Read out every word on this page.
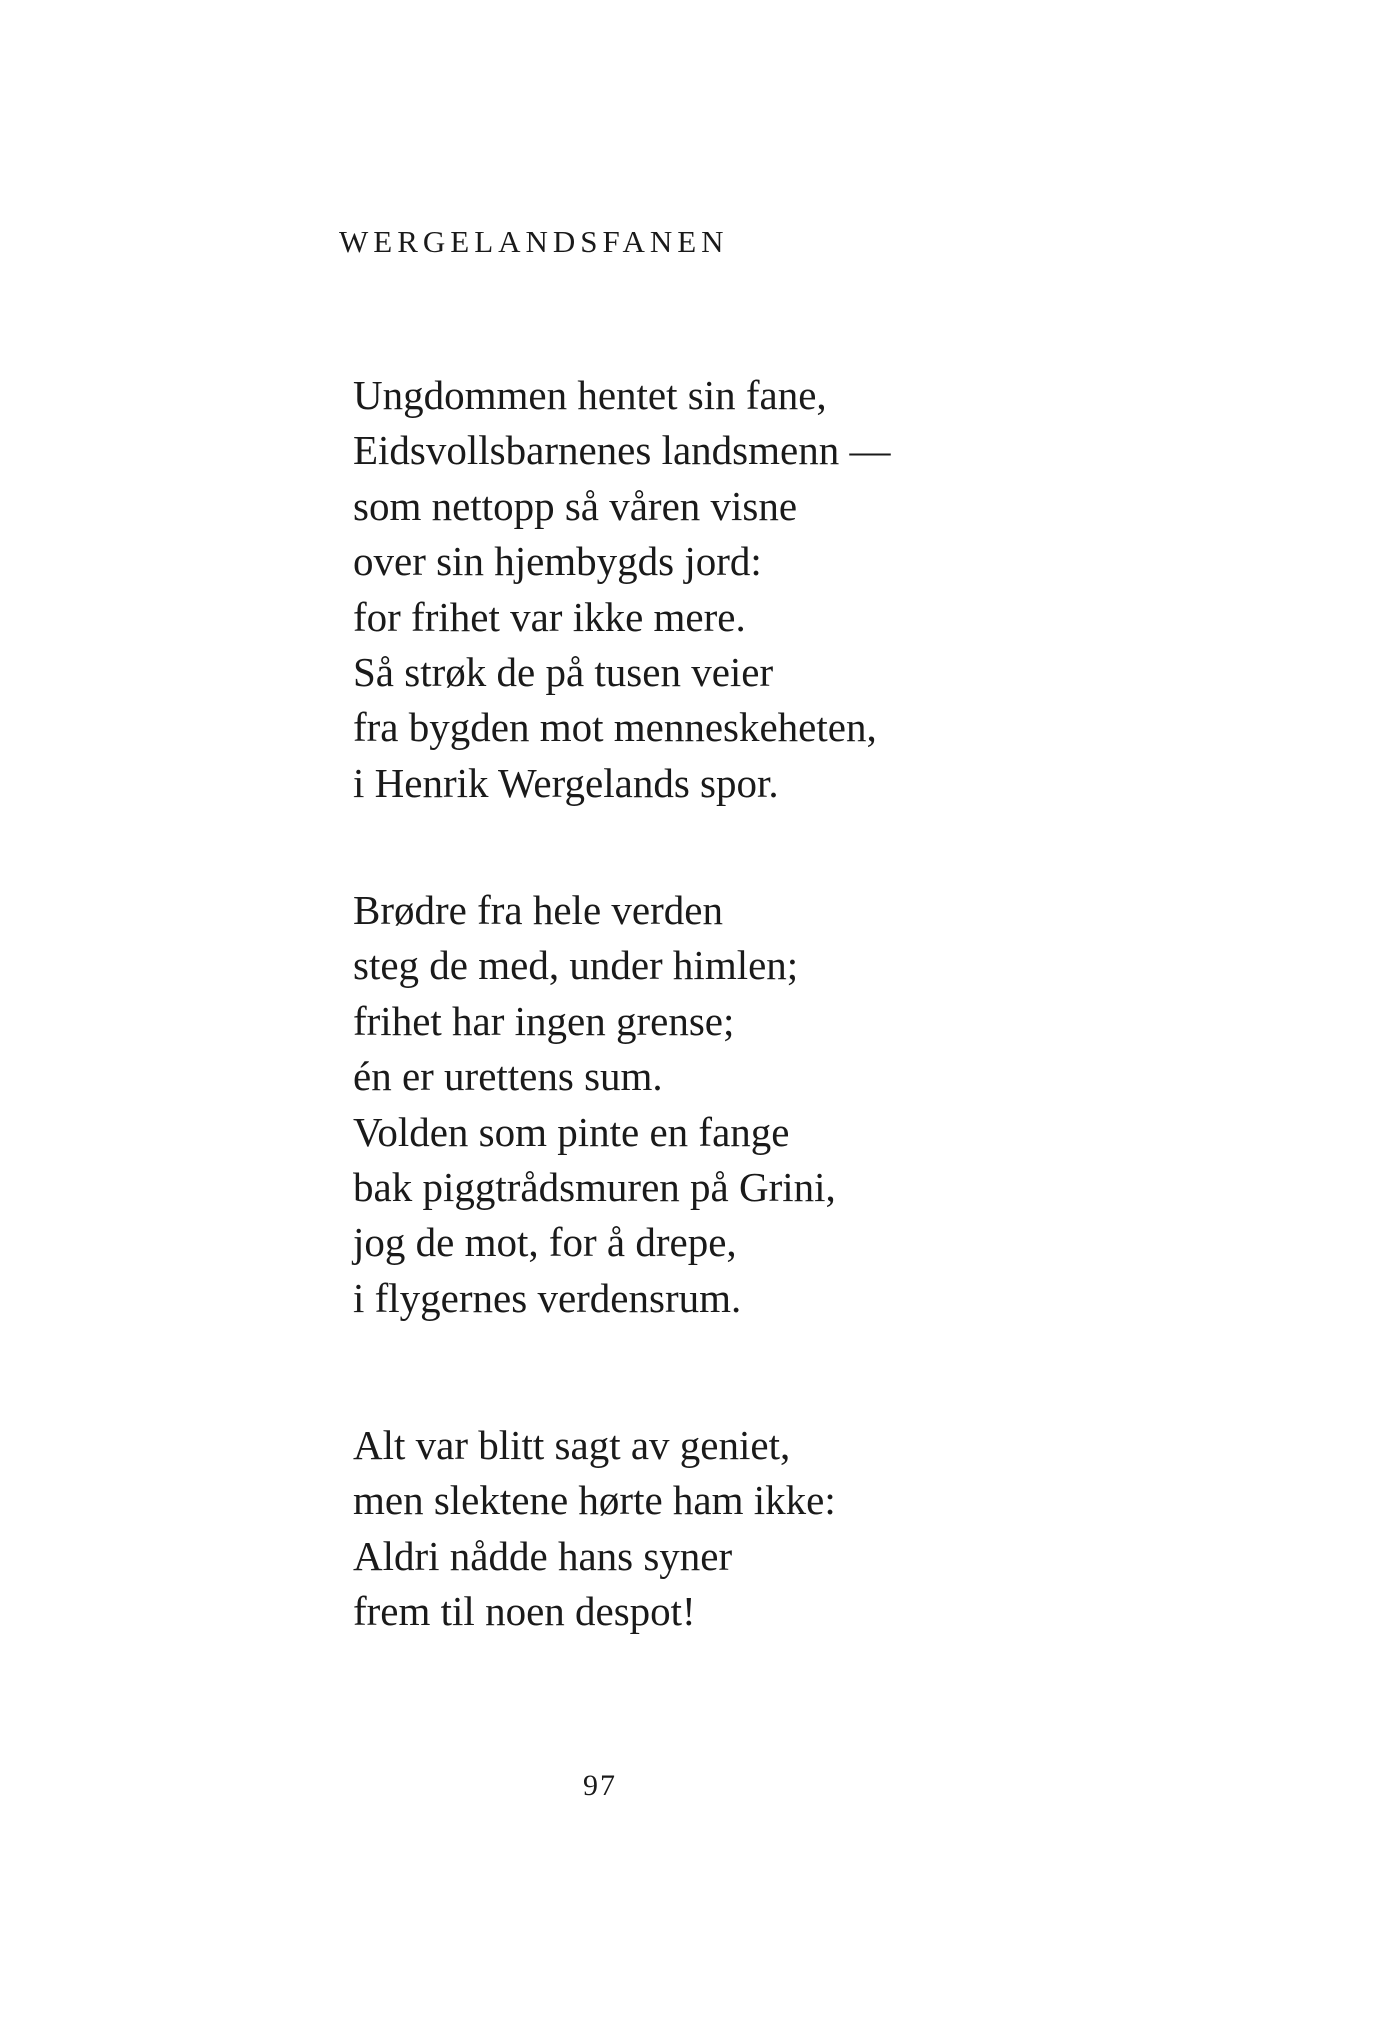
WERGELANDSFANEN
Ungdommen hentet sin fane,
Eidsvollsbarnenes landsmenn —
som nettopp så våren visne
over sin hjembygds jord:
for frihet var ikke mere.
Så strøk de på tusen veier
fra bygden mot menneskeheten,
i Henrik Wergelands spor.
Brødre fra hele verden
steg de med, under himlen;
frihet har ingen grense;
én er urettens sum.
Volden som pinte en fange
bak piggtrådsmuren på Grini,
jog de mot, for å drepe,
i flygernes verdensrum.
Alt var blitt sagt av geniet,
men slektene hørte ham ikke:
Aldri nådde hans syner
frem til noen despot!
97
